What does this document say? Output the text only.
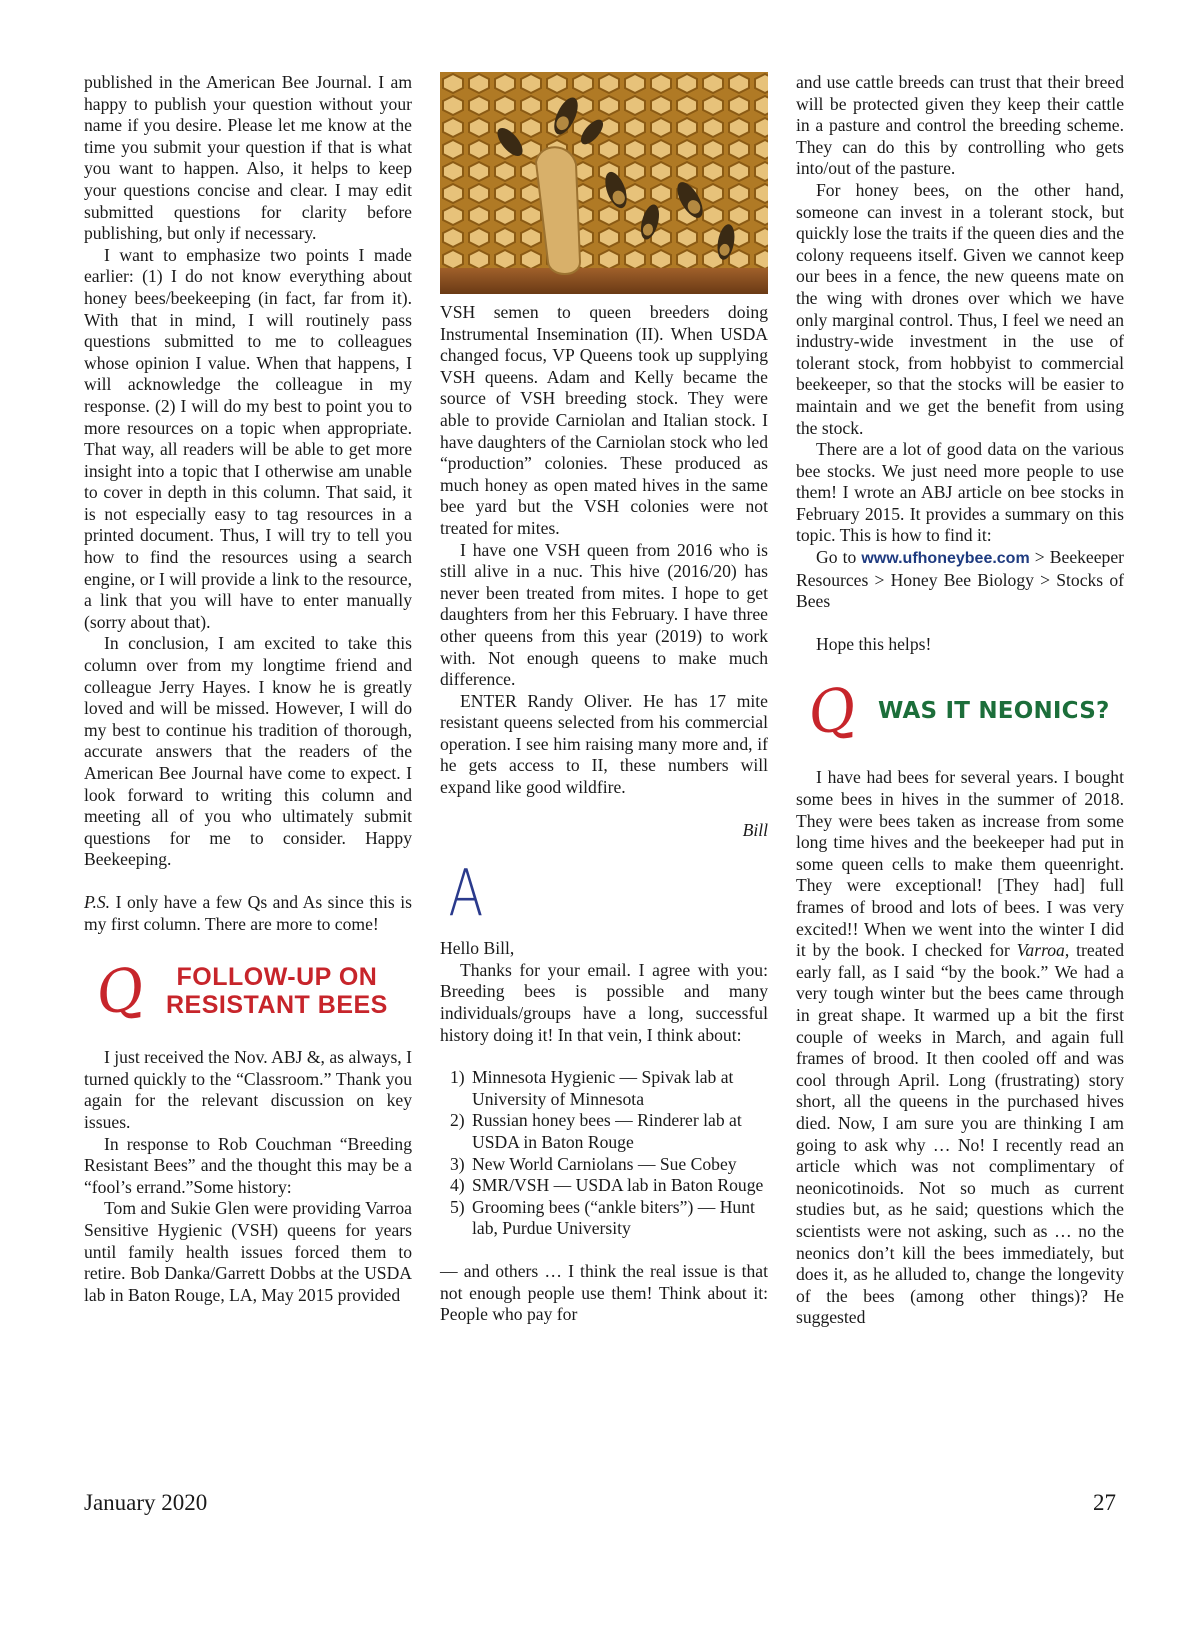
published in the American Bee Journal. I am happy to publish your question without your name if you desire. Please let me know at the time you submit your question if that is what you want to happen. Also, it helps to keep your questions concise and clear. I may edit submitted questions for clarity before publishing, but only if necessary.

I want to emphasize two points I made earlier: (1) I do not know everything about honey bees/beekeeping (in fact, far from it). With that in mind, I will routinely pass questions submitted to me to colleagues whose opinion I value. When that happens, I will acknowledge the colleague in my response. (2) I will do my best to point you to more resources on a topic when appropriate. That way, all readers will be able to get more insight into a topic that I otherwise am unable to cover in depth in this column. That said, it is not especially easy to tag resources in a printed document. Thus, I will try to tell you how to find the resources using a search engine, or I will provide a link to the resource, a link that you will have to enter manually (sorry about that).

In conclusion, I am excited to take this column over from my longtime friend and colleague Jerry Hayes. I know he is greatly loved and will be missed. However, I will do my best to continue his tradition of thorough, accurate answers that the readers of the American Bee Journal have come to expect. I look forward to writing this column and meeting all of you who ultimately submit questions for me to consider. Happy Beekeeping.

P.S. I only have a few Qs and As since this is my first column. There are more to come!

Q	FOLLOW-UP ON
RESISTANT BEES

I just received the Nov. ABJ &, as always, I turned quickly to the “Classroom.” Thank you again for the relevant discussion on key issues.

In response to Rob Couchman “Breeding Resistant Bees” and the thought this may be a “fool’s errand.”Some history:

Tom and Sukie Glen were providing Varroa Sensitive Hygienic (VSH) queens for years until family health issues forced them to retire. Bob Danka/Garrett Dobbs at the USDA lab in Baton Rouge, LA, May 2015 provided

VSH semen to queen breeders doing Instrumental Insemination (II). When USDA changed focus, VP Queens took up supplying VSH queens. Adam and Kelly became the source of VSH breeding stock. They were able to provide Carniolan and Italian stock. I have daughters of the Carniolan stock who led “production” colonies. These produced as much honey as open mated hives in the same bee yard but the VSH colonies were not treated for mites.

I have one VSH queen from 2016 who is still alive in a nuc. This hive (2016/20) has never been treated from mites. I hope to get daughters from her this February. I have three other queens from this year (2019) to work with. Not enough queens to make much difference.

ENTER Randy Oliver. He has 17 mite resistant queens selected from his commercial operation. I see him raising many more and, if he gets access to II, these numbers will expand like good wildfire.

Bill

A

Hello Bill,

Thanks for your email. I agree with you: Breeding bees is possible and many individuals/groups have a long, successful history doing it! In that vein, I think about:

1) Minnesota Hygienic — Spivak lab at University of Minnesota
2) Russian honey bees — Rinderer lab at USDA in Baton Rouge
3) New World Carniolans — Sue Cobey
4) SMR/VSH — USDA lab in Baton Rouge
5) Grooming bees (“ankle biters”) — Hunt lab, Purdue University

— and others … I think the real issue is that not enough people use them! Think about it: People who pay for

and use cattle breeds can trust that their breed will be protected given they keep their cattle in a pasture and control the breeding scheme. They can do this by controlling who gets into/out of the pasture.

For honey bees, on the other hand, someone can invest in a tolerant stock, but quickly lose the traits if the queen dies and the colony requeens itself. Given we cannot keep our bees in a fence, the new queens mate on the wing with drones over which we have only marginal control. Thus, I feel we need an industry-wide investment in the use of tolerant stock, from hobbyist to commercial beekeeper, so that the stocks will be easier to maintain and we get the benefit from using the stock.

There are a lot of good data on the various bee stocks. We just need more people to use them! I wrote an ABJ article on bee stocks in February 2015. It provides a summary on this topic. This is how to find it:

Go to www.ufhoneybee.com > Beekeeper Resources > Honey Bee Biology > Stocks of Bees

Hope this helps!

Q WAS IT NEONICS?

I have had bees for several years. I bought some bees in hives in the summer of 2018. They were bees taken as increase from some long time hives and the beekeeper had put in some queen cells to make them queenright. They were exceptional! [They had] full frames of brood and lots of bees. I was very excited!! When we went into the winter I did it by the book. I checked for Varroa, treated early fall, as I said “by the book.” We had a very tough winter but the bees came through in great shape. It warmed up a bit the first couple of weeks in March, and again full frames of brood. It then cooled off and was cool through April. Long (frustrating) story short, all the queens in the purchased hives died. Now, I am sure you are thinking I am going to ask why … No! I recently read an article which was not complimentary of neonicotinoids. Not so much as current studies but, as he said; questions which the scientists were not asking, such as … no the neonics don’t kill the bees immediately, but does it, as he alluded to, change the longevity of the bees (among other things)? He suggested

January 2020	27
